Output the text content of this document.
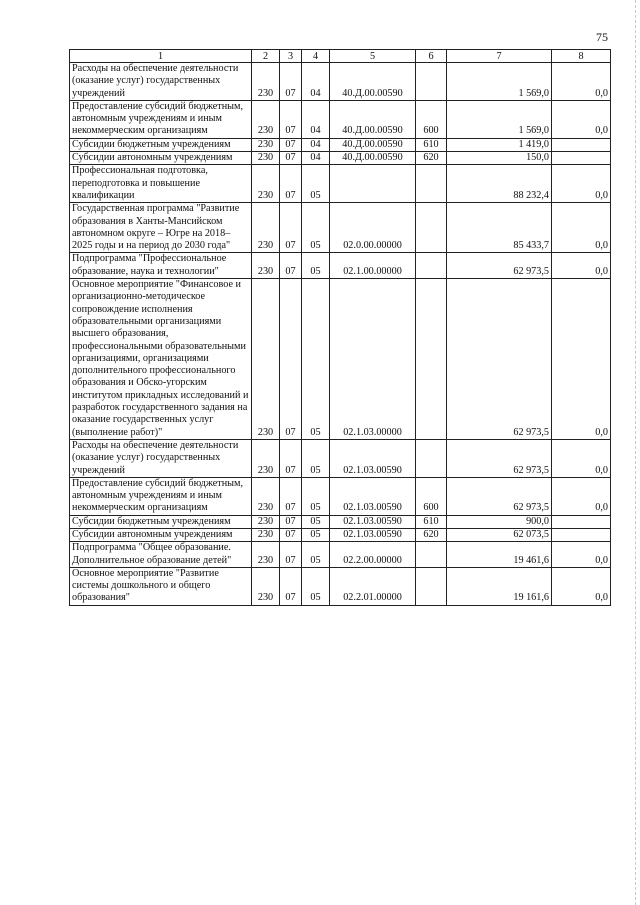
75
1	2	3	4	5	6	7	8
Расходы на обеспечение деятельности (оказание услуг) государственных учреждений	230	07	04	40.Д.00.00590		1 569,0	0,0
Предоставление субсидий бюджетным, автономным учреждениям и иным некоммерческим организациям	230	07	04	40.Д.00.00590	600	1 569,0	0,0
Субсидии бюджетным учреждениям	230	07	04	40.Д.00.00590	610	1 419,0	
Субсидии автономным учреждениям	230	07	04	40.Д.00.00590	620	150,0	
Профессиональная подготовка, переподготовка и повышение квалификации	230	07	05			88 232,4	0,0
Государственная программа "Развитие образования в Ханты-Мансийском автономном округе – Югре на 2018–2025 годы и на период до 2030 года"	230	07	05	02.0.00.00000		85 433,7	0,0
Подпрограмма "Профессиональное образование, наука и технологии"	230	07	05	02.1.00.00000		62 973,5	0,0
Основное мероприятие "Финансовое и организационно-методическое сопровождение исполнения образовательными организациями высшего образования, профессиональными образовательными организациями, организациями дополнительного профессионального образования и Обско-угорским институтом прикладных исследований и разработок государственного задания на оказание государственных услуг (выполнение работ)"	230	07	05	02.1.03.00000		62 973,5	0,0
Расходы на обеспечение деятельности (оказание услуг) государственных учреждений	230	07	05	02.1.03.00590		62 973,5	0,0
Предоставление субсидий бюджетным, автономным учреждениям и иным некоммерческим организациям	230	07	05	02.1.03.00590	600	62 973,5	0,0
Субсидии бюджетным учреждениям	230	07	05	02.1.03.00590	610	900,0	
Субсидии автономным учреждениям	230	07	05	02.1.03.00590	620	62 073,5	
Подпрограмма "Общее образование. Дополнительное образование детей"	230	07	05	02.2.00.00000		19 461,6	0,0
Основное мероприятие "Развитие системы дошкольного и общего образования"	230	07	05	02.2.01.00000		19 161,6	0,0
